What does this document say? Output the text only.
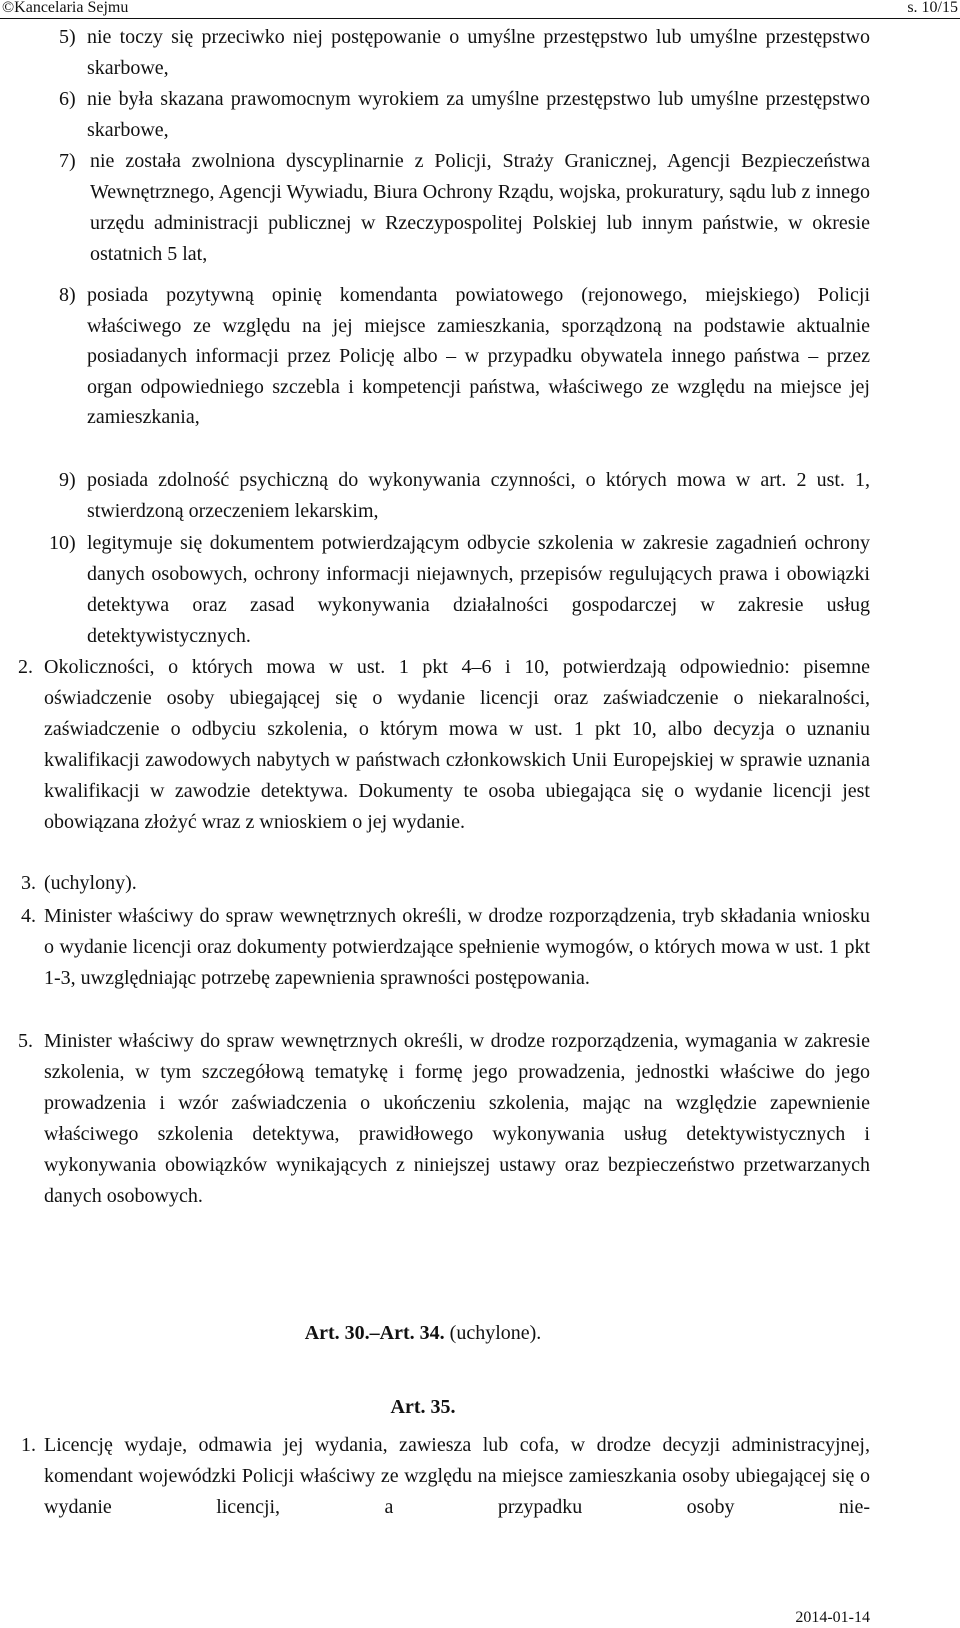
©Kancelaria Sejmu	s. 10/15
5) nie toczy się przeciwko niej postępowanie o umyślne przestępstwo lub umyślne przestępstwo skarbowe,
6) nie była skazana prawomocnym wyrokiem za umyślne przestępstwo lub umyślne przestępstwo skarbowe,
7) nie została zwolniona dyscyplinarnie z Policji, Straży Granicznej, Agencji Bezpieczeństwa Wewnętrznego, Agencji Wywiadu, Biura Ochrony Rządu, wojska, prokuratury, sądu lub z innego urzędu administracji publicznej w Rzeczypospolitej Polskiej lub innym państwie, w okresie ostatnich 5 lat,
8) posiada pozytywną opinię komendanta powiatowego (rejonowego, miejskiego) Policji właściwego ze względu na jej miejsce zamieszkania, sporządzoną na podstawie aktualnie posiadanych informacji przez Policję albo – w przypadku obywatela innego państwa – przez organ odpowiedniego szczebla i kompetencji państwa, właściwego ze względu na miejsce jej zamieszkania,
9) posiada zdolność psychiczną do wykonywania czynności, o których mowa w art. 2 ust. 1, stwierdzoną orzeczeniem lekarskim,
10) legitymuje się dokumentem potwierdzającym odbycie szkolenia w zakresie zagadnień ochrony danych osobowych, ochrony informacji niejawnych, przepisów regulujących prawa i obowiązki detektywa oraz zasad wykonywania działalności gospodarczej w zakresie usług detektywistycznych.
2. Okoliczności, o których mowa w ust. 1 pkt 4–6 i 10, potwierdzają odpowiednio: pisemne oświadczenie osoby ubiegającej się o wydanie licencji oraz zaświadczenie o niekaralności, zaświadczenie o odbyciu szkolenia, o którym mowa w ust. 1 pkt 10, albo decyzja o uznaniu kwalifikacji zawodowych nabytych w państwach członkowskich Unii Europejskiej w sprawie uznania kwalifikacji w zawodzie detektywa. Dokumenty te osoba ubiegająca się o wydanie licencji jest obowiązana złożyć wraz z wnioskiem o jej wydanie.
3. (uchylony).
4. Minister właściwy do spraw wewnętrznych określi, w drodze rozporządzenia, tryb składania wniosku o wydanie licencji oraz dokumenty potwierdzające spełnienie wymogów, o których mowa w ust. 1 pkt 1-3, uwzględniając potrzebę zapewnienia sprawności postępowania.
5. Minister właściwy do spraw wewnętrznych określi, w drodze rozporządzenia, wymagania w zakresie szkolenia, w tym szczegółową tematykę i formę jego prowadzenia, jednostki właściwe do jego prowadzenia i wzór zaświadczenia o ukończeniu szkolenia, mając na względzie zapewnienie właściwego szkolenia detektywa, prawidłowego wykonywania usług detektywistycznych i wykonywania obowiązków wynikających z niniejszej ustawy oraz bezpieczeństwo przetwarzanych danych osobowych.
Art. 30.–Art. 34. (uchylone).
Art. 35.
1. Licencję wydaje, odmawia jej wydania, zawiesza lub cofa, w drodze decyzji administracyjnej, komendant wojewódzki Policji właściwy ze względu na miejsce zamieszkania osoby ubiegającej się o wydanie licencji, a przypadku osoby nie-
2014-01-14
